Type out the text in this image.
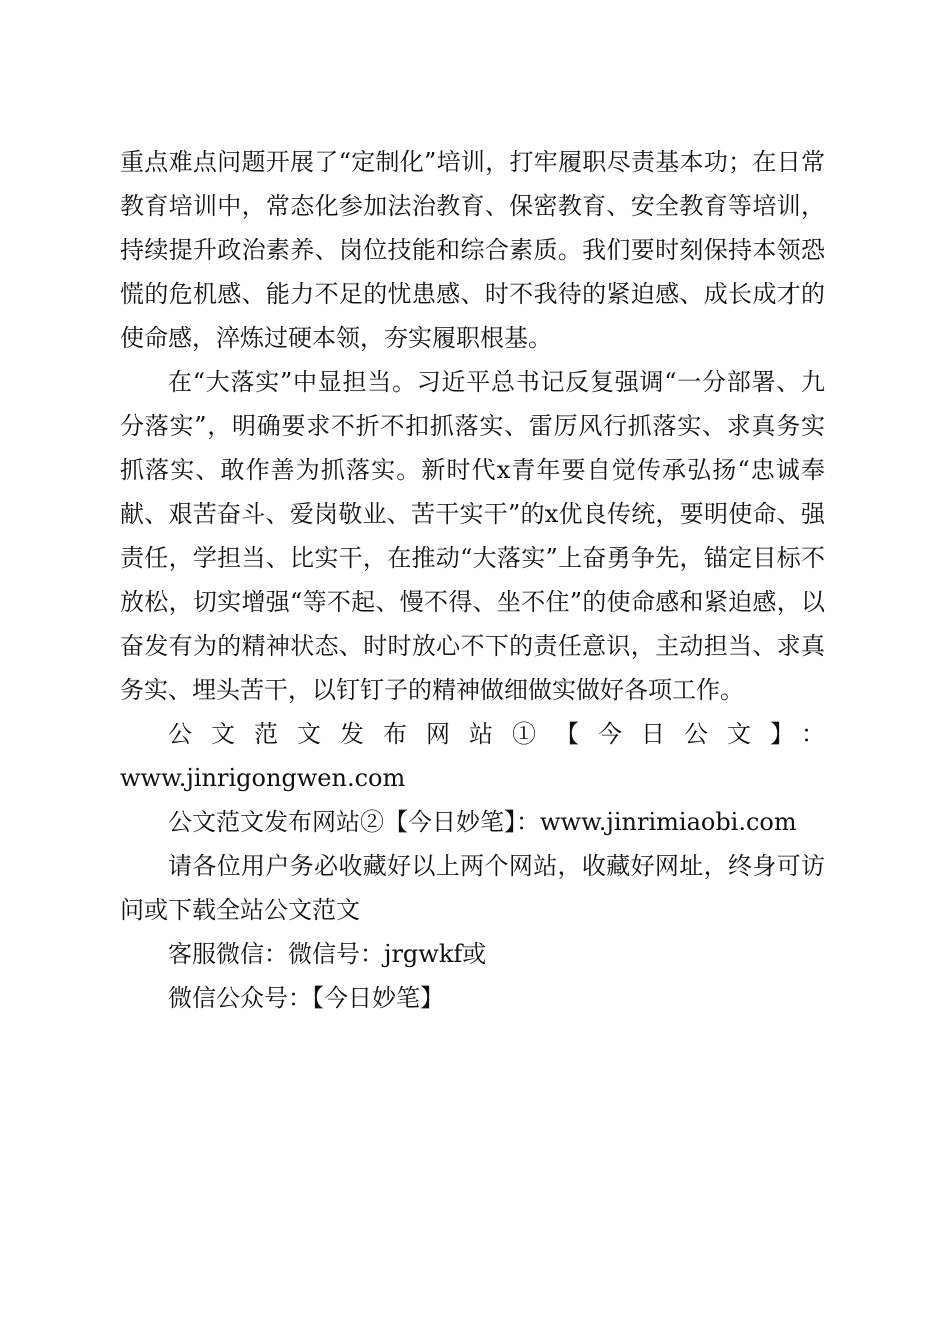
重点难点问题开展了“定制化”培训，打牢履职尽责基本功；在日常教育培训中，常态化参加法治教育、保密教育、安全教育等培训，持续提升政治素养、岗位技能和综合素质。我们要时刻保持本领恐慌的危机感、能力不足的忧患感、时不我待的紧迫感、成长成才的使命感，淬炼过硬本领，夯实履职根基。

在“大落实”中显担当。习近平总书记反复强调“一分部署、九分落实”，明确要求不折不扣抓落实、雷厉风行抓落实、求真务实抓落实、敢作善为抓落实。新时代x青年要自觉传承弘扬“忠诚奉献、艰苦奋斗、爱岗敬业、苦干实干”的x优良传统，要明使命、强责任，学担当、比实干，在推动“大落实”上奋勇争先，锚定目标不放松，切实增强“等不起、慢不得、坐不住”的使命感和紧迫感，以奋发有为的精神状态、时时放心不下的责任意识，主动担当、求真务实、埋头苦干，以钉钉子的精神做细做实做好各项工作。

公文范文发布网站①【今日公文】：

www.jinrigongwen.com

公文范文发布网站②【今日妙笔】：www.jinrimiaobi.com

请各位用户务必收藏好以上两个网站，收藏好网址，终身可访问或下载全站公文范文

客服微信：微信号：jrgwkf或

微信公众号：【今日妙笔】
